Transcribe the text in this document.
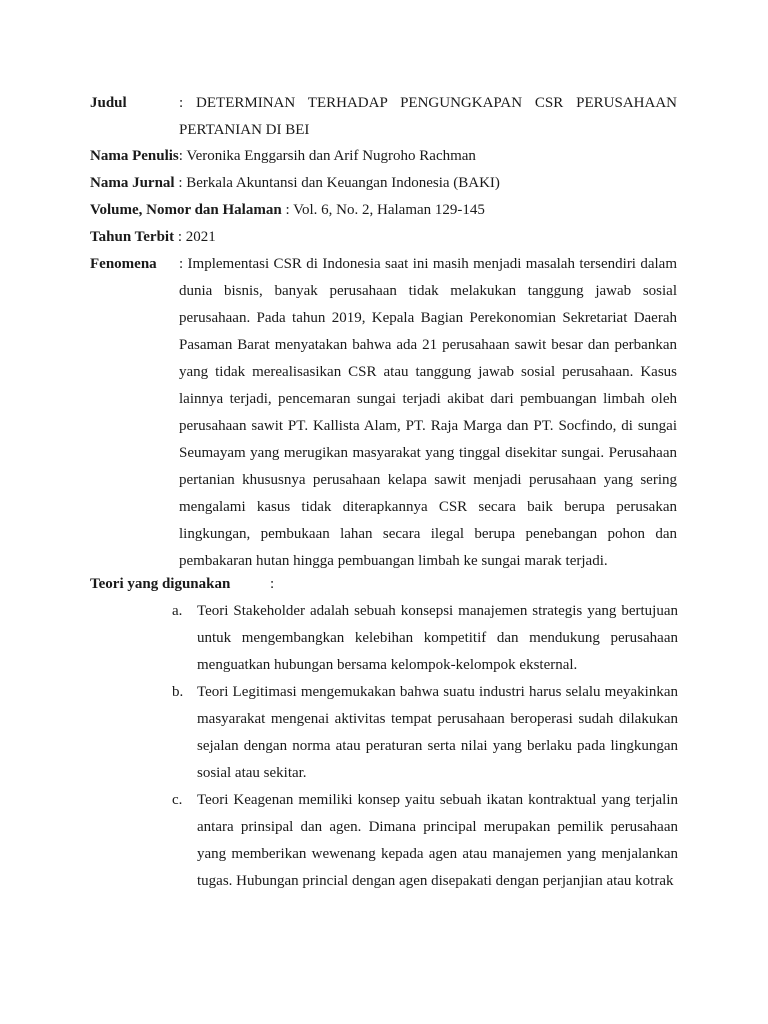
Judul	: DETERMINAN TERHADAP PENGUNGKAPAN CSR PERUSAHAAN PERTANIAN DI BEI
Nama Penulis: Veronika Enggarsih dan Arif Nugroho Rachman
Nama Jurnal : Berkala Akuntansi dan Keuangan Indonesia (BAKI)
Volume, Nomor dan Halaman : Vol. 6, No. 2, Halaman 129-145
Tahun Terbit : 2021
Fenomena : Implementasi CSR di Indonesia saat ini masih menjadi masalah tersendiri dalam dunia bisnis, banyak perusahaan tidak melakukan tanggung jawab sosial perusahaan. Pada tahun 2019, Kepala Bagian Perekonomian Sekretariat Daerah Pasaman Barat menyatakan bahwa ada 21 perusahaan sawit besar dan perbankan yang tidak merealisasikan CSR atau tanggung jawab sosial perusahaan. Kasus lainnya terjadi, pencemaran sungai terjadi akibat dari pembuangan limbah oleh perusahaan sawit PT. Kallista Alam, PT. Raja Marga dan PT. Socfindo, di sungai Seumayam yang merugikan masyarakat yang tinggal disekitar sungai. Perusahaan pertanian khususnya perusahaan kelapa sawit menjadi perusahaan yang sering mengalami kasus tidak diterapkannya CSR secara baik berupa perusakan lingkungan, pembukaan lahan secara ilegal berupa penebangan pohon dan pembakaran hutan hingga pembuangan limbah ke sungai marak terjadi.
Teori yang digunakan	:
a. Teori Stakeholder adalah sebuah konsepsi manajemen strategis yang bertujuan untuk mengembangkan kelebihan kompetitif dan mendukung perusahaan menguatkan hubungan bersama kelompok-kelompok eksternal.
b. Teori Legitimasi mengemukakan bahwa suatu industri harus selalu meyakinkan masyarakat mengenai aktivitas tempat perusahaan beroperasi sudah dilakukan sejalan dengan norma atau peraturan serta nilai yang berlaku pada lingkungan sosial atau sekitar.
c. Teori Keagenan memiliki konsep yaitu sebuah ikatan kontraktual yang terjalin antara prinsipal dan agen. Dimana principal merupakan pemilik perusahaan yang memberikan wewenang kepada agen atau manajemen yang menjalankan tugas. Hubungan princial dengan agen disepakati dengan perjanjian atau kotrak
